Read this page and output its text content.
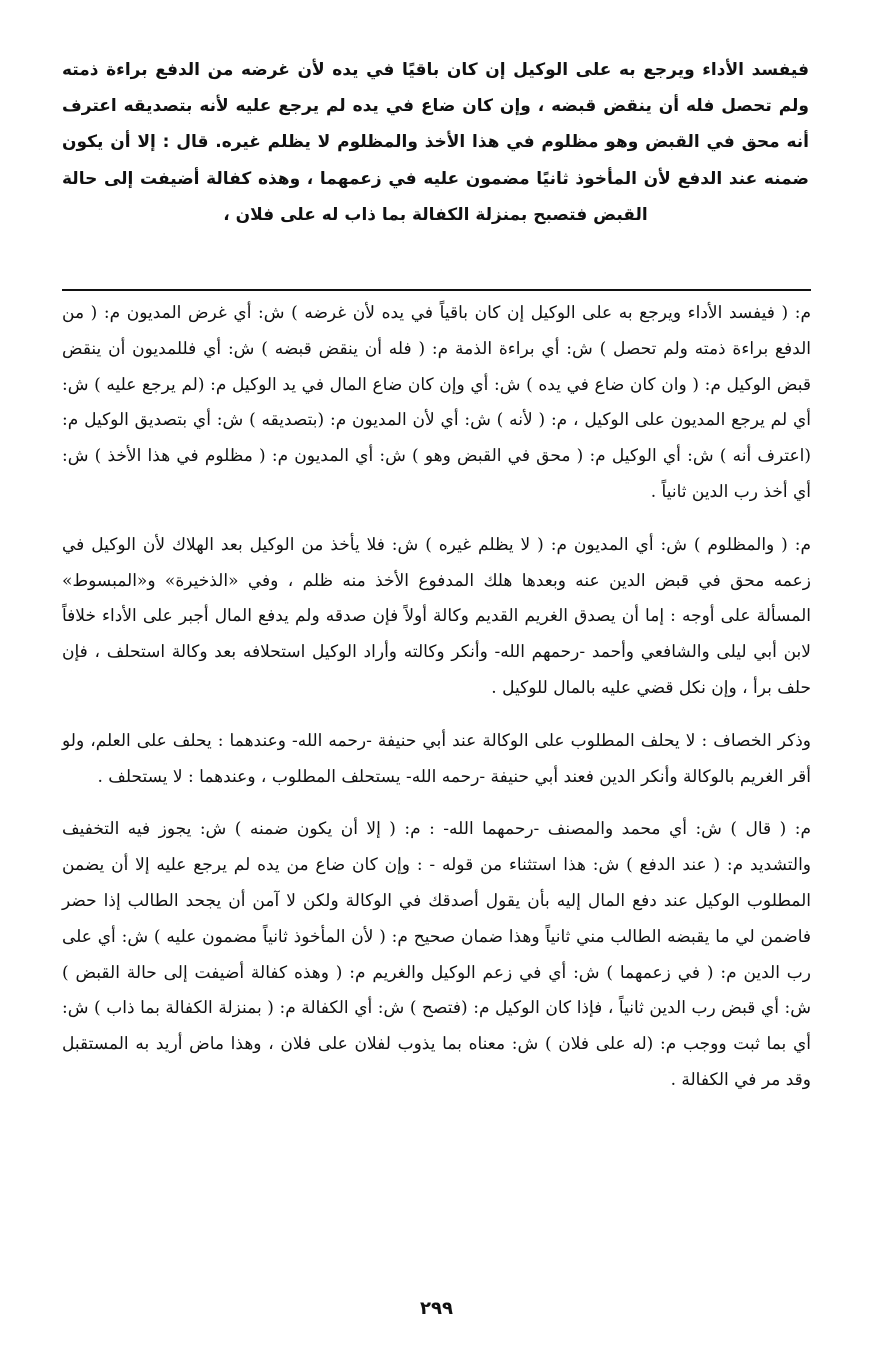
فيفسد الأداء ويرجع به على الوكيل إن كان باقيًا في يده لأن غرضه من الدفع براءة ذمته ولم تحصل فله أن ينقض قبضه ، وإن كان ضاع في يده لم يرجع عليه لأنه بتصديقه اعترف أنه محق في القبض وهو مظلوم في هذا الأخذ والمظلوم لا يظلم غيره. قال : إلا أن يكون ضمنه عند الدفع لأن المأخوذ ثانيًا مضمون عليه في زعمهما ، وهذه كفالة أضيفت إلى حالة القبض فتصبح بمنزلة الكفالة بما ذاب له على فلان ،

م: ( فيفسد الأداء ويرجع به على الوكيل إن كان باقياً في يده لأن غرضه ) ش: أي غرض المديون م: ( من الدفع براءة ذمته ولم تحصل ) ش: أي براءة الذمة م: ( فله أن ينقض قبضه ) ش: أي فللمديون أن ينقض قبض الوكيل م: ( وان كان ضاع في يده ) ش: أي وإن كان ضاع المال في يد الوكيل م: (لم يرجع عليه ) ش: أي لم يرجع المديون على الوكيل ، م: ( لأنه ) ش: أي لأن المديون م: (بتصديقه ) ش: أي بتصديق الوكيل م: (اعترف أنه ) ش: أي الوكيل م: ( محق في القبض وهو ) ش: أي المديون م: ( مظلوم في هذا الأخذ ) ش: أي أخذ رب الدين ثانياً .

م: ( والمظلوم ) ش: أي المديون م: ( لا يظلم غيره ) ش: فلا يأخذ من الوكيل بعد الهلاك لأن الوكيل في زعمه محق في قبض الدين عنه وبعدها هلك المدفوع الأخذ منه ظلم ، وفي «الذخيرة» و«المبسوط» المسألة على أوجه : إما أن يصدق الغريم القديم وكالة أولاً فإن صدقه ولم يدفع المال أجبر على الأداء خلافاً لابن أبي ليلى والشافعي وأحمد -رحمهم الله- وأنكر وكالته وأراد الوكيل استحلافه بعد وكالة استحلف ، فإن حلف برأ ، وإن نكل قضي عليه بالمال للوكيل .

وذكر الخصاف : لا يحلف المطلوب على الوكالة عند أبي حنيفة -رحمه الله- وعندهما : يحلف على العلم، ولو أقر الغريم بالوكالة وأنكر الدين فعند أبي حنيفة -رحمه الله- يستحلف المطلوب ، وعندهما : لا يستحلف .

م: ( قال ) ش: أي محمد والمصنف -رحمهما الله- : م: ( إلا أن يكون ضمنه ) ش: يجوز فيه التخفيف والتشديد م: ( عند الدفع ) ش: هذا استثناء من قوله - : وإن كان ضاع من يده لم يرجع عليه إلا أن يضمن المطلوب الوكيل عند دفع المال إليه بأن يقول أصدقك في الوكالة ولكن لا آمن أن يجحد الطالب إذا حضر فاضمن لي ما يقبضه الطالب مني ثانياً وهذا ضمان صحيح م: ( لأن المأخوذ ثانياً مضمون عليه ) ش: أي على رب الدين م: ( في زعمهما ) ش: أي في زعم الوكيل والغريم م: ( وهذه كفالة أضيفت إلى حالة القبض ) ش: أي قبض رب الدين ثانياً ، فإذا كان الوكيل م: (فتصح ) ش: أي الكفالة م: ( بمنزلة الكفالة بما ذاب ) ش: أي بما ثبت ووجب م: (له على فلان ) ش: معناه بما يذوب لفلان على فلان ، وهذا ماض أريد به المستقبل وقد مر في الكفالة .

٢٩٩
